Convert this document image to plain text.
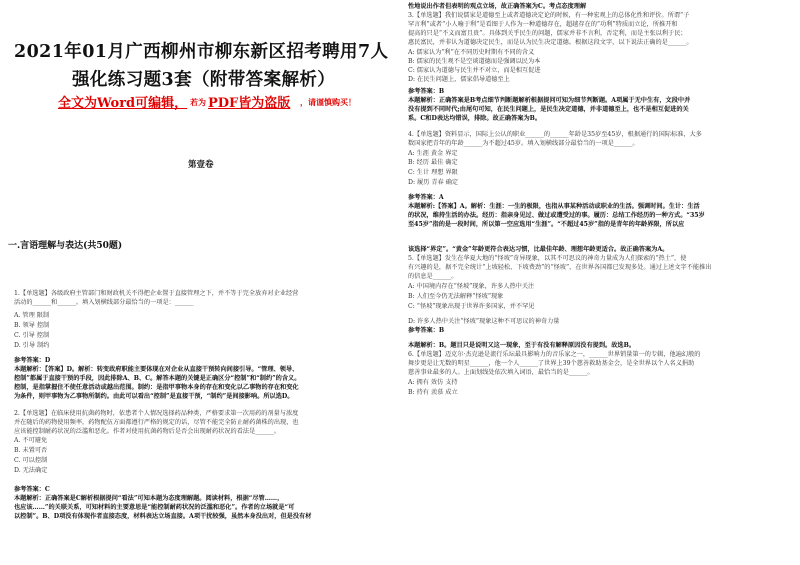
2021年01月广西柳州市柳东新区招考聘用7人
强化练习题3套（附带答案解析）
全文为Word可编辑， 若为 PDF皆为盗版 ，请谨慎购买！
第壹卷
一.言语理解与表达(共50题)
1.【单选题】各级政府主管部门和财政机关不得把企业置于直接管理之下，并不等于完全放弃对企业经营
活动的______和______。填入划横线部分最恰当的一项是：______
A. 管理 限制
B. 领导 控制
C. 引导 控制
D. 引导 制约
参考答案：D
本题解析：【答案】D。解析：转变政府职能主要体现在对企业从直接干预转向间接引导。“管理、领导、
控制”都属于直接干预的手段，因此排除A、B、C。解答本题的关键是正确区分“控制”和“制约”的含义。
控制，是指掌握住不使任意活动或越出范围。制约：是指甲事物本身的存在和变化以乙事物的存在和变化
为条件，则甲事物为乙事物所制约。由此可以看出“控制”是直接干预，“制约”是间接影响。所以选D。
2.【单选题】在临床使用抗菌药物时，依患者个人情况选择药品种类，严格要求第一次用药的剂量与浓度
并在随后的药物使用频率，药物配伍方面都遵行严格的规定的话，尽管不能完全防止耐药菌株的出现，也
应该能控制耐药状况的泛滥和恶化。作者对使用抗菌药物后是否会出现耐药状况的看法是______。
A. 不可避免
B. 未置可否
C. 可以控制
D. 无法确定
参考答案：C
本题解析：正确答案是C解析根据提问“看法”可知本题为态度理解题。阅读材料，根据“尽管……，
也应该……”的关联关系，可知材料的主要意思是“能控制耐药状况的泛滥和恶化”。作者的立场就是“可
以控制”。B、D项没有体现作者直接态度，材料表达立场直接。A项干扰较强，虽然本身没出对，但是没有材
性地说出作者但表明的观点立场，故正确答案为C。考点态度理解
3.【单选题】我们说儒家是道德至上或者道德决定论的时候，有一种宏观上的总体化性和评价。所谓“子
罕言利”或者“小人喻于利”是看图于人作为一种道德存在，超越存在的“功利”特质而立论，所推开和
提高的只是“不义而富且贵”。具体到关乎民生的问题，儒家并非不言利，否定利，而是主张以利于民；
惠民富民，并非认为道德决定民生，而是认为民生决定道德。根据这段文字，以下说法正确的是______。
A: 儒家认为“利”在不同历史时期有不同的含义
B: 儒家的民生观不是空谈道德而是强调以民为本
C: 儒家认为道德与民生并不对立，而是相互促进
D: 在民生问题上，儒家倡导道德至上
参考答案：B
本题解析：正确答案是B考点细节判断题解析根据提问可知为细节判断题。A项属于无中生有，文段中并
没有提到不同时代;由尾句可知，在民生问题上，是民生决定道德，并非道德至上，也不是相互促进的关
系。C和D表达均错误，排除。故正确答案为B。
4.【单选题】资料显示，国际上公认的职业______的______年龄是35岁至45岁，根据通行的国际标准，大多
数国家把青年的年龄______为不超过45岁。填入划横线部分最恰当的一项是______。
A: 生涯 黄金 界定
B: 经历 最佳 确定
C: 生计 理想 界限
D: 履历 青春 确定
参考答案：A
本题解析:【答案】A。解析：生涯：一生的极限，也指从事某种活动或职业的生活。强调时间。生计：生活
的状况，维持生活的办法。经历：指亲身见过、做过或遭受过的事。履历：总结工作经历的一种方式。“35岁
至45岁”指的是一段时间，所以第一空应选用“生涯”。“不超过45岁”指的是青年的年龄界限，所以应
该选择“界定”。“黄金”年龄更符合表达习惯，比最佳年龄、理想年龄更适合。故正确答案为A。
5.【单选题】发生在华夏大地的“怪坡”奇异现象，以其不可思议的神奇力量成为人们探索的“热土”，使
有兴趣的是，据不完全统计“上坡轻松、下坡费劲”的“怪坡”，在世界各国都已发现多处。通过上述文字不能推出
的信息是______。
A: 中国境内存在“怪坡”现象，许多人热中关注
B: 人们至今仍无法解释“怪坡”现象
C: “怪坡”现象出现于世界许多国家，并不罕见
D: 许多人热中关注“怪坡”现象这种不可思议的神奇力量
参考答案：B
本题解析：B。题目只是说明又这一现象，至于有没有解释原因没有提到。故选B。
6.【单选题】迈克尔·杰克逊是流行乐坛最具影响力的音乐家之一，______世界销量第一的专辑，他遍幻般的
舞步更是让无数的明星______，他一个人______了世界上39个慈善救助基金会，是全世界以个人名义捐助
慈善事业最多的人。上面划线处依次填入词语，最恰当的是______。
A: 拥有 效仿 支持
B: 持有 羡慕 成立
